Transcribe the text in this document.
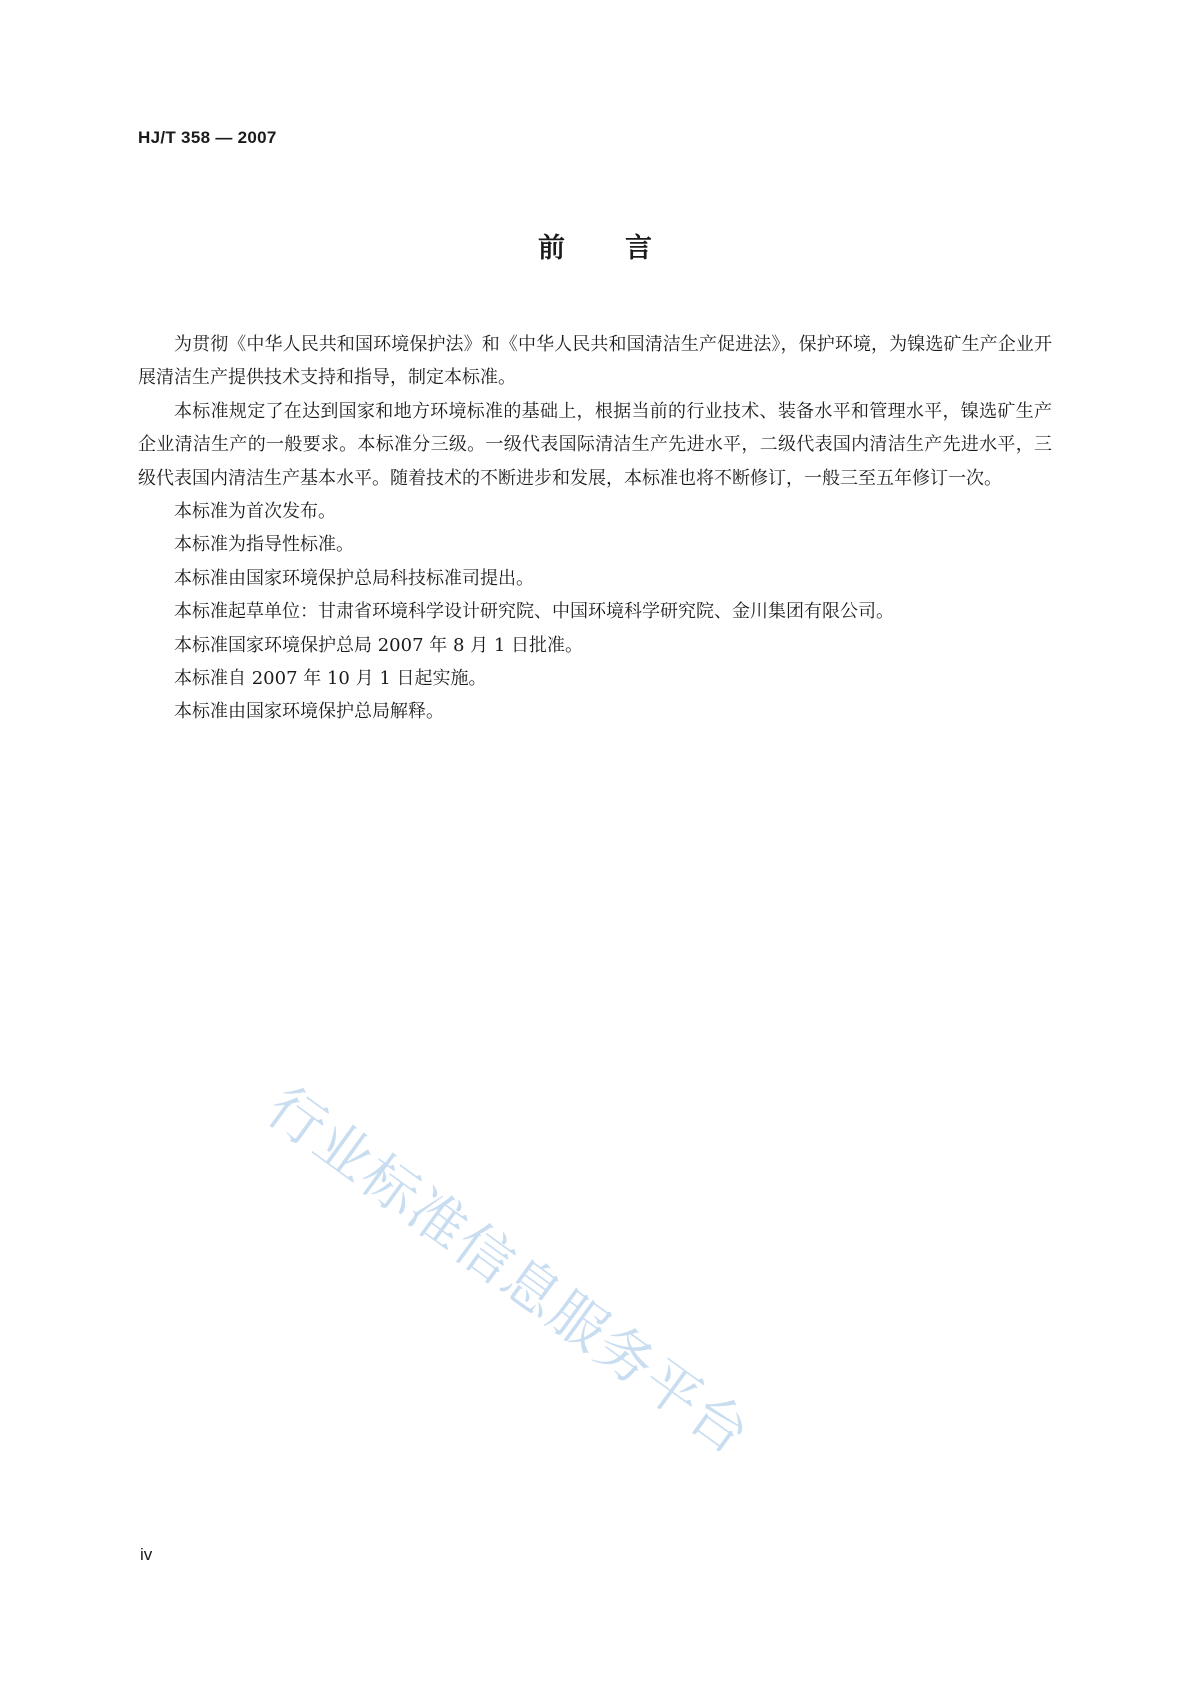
HJ/T 358 — 2007
前言

为贯彻《中华人民共和国环境保护法》和《中华人民共和国清洁生产促进法》，保护环境，为镍选矿生产企业开展清洁生产提供技术支持和指导，制定本标准。

本标准规定了在达到国家和地方环境标准的基础上，根据当前的行业技术、装备水平和管理水平，镍选矿生产企业清洁生产的一般要求。本标准分三级。一级代表国际清洁生产先进水平，二级代表国内清洁生产先进水平，三级代表国内清洁生产基本水平。随着技术的不断进步和发展，本标准也将不断修订，一般三至五年修订一次。

本标准为首次发布。

本标准为指导性标准。

本标准由国家环境保护总局科技标准司提出。

本标准起草单位：甘肃省环境科学设计研究院、中国环境科学研究院、金川集团有限公司。

本标准国家环境保护总局 2007 年 8 月 1 日批准。

本标准自 2007 年 10 月 1 日起实施。

本标准由国家环境保护总局解释。

行业标准信息服务平台
iv
